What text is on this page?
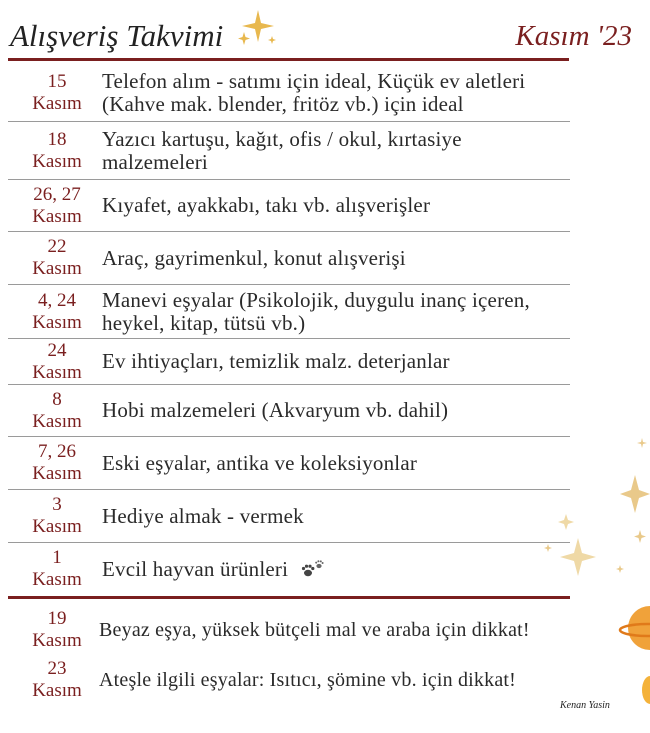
Alışveriş Takvimi	Kasım '23
15
Kasım
Telefon alım - satımı için ideal, Küçük ev aletleri (Kahve mak. blender, fritöz vb.) için ideal
18
Kasım
Yazıcı kartuşu, kağıt, ofis / okul, kırtasiye malzemeleri
26, 27
Kasım Kıyafet, ayakkabı, takı vb. alışverişler
22
Kasım Araç, gayrimenkul, konut alışverişi
4, 24
Kasım
Manevi eşyalar (Psikolojik, duygulu inanç içeren, heykel, kitap, tütsü vb.)
24
Kasım Ev ihtiyaçları, temizlik malz. deterjanlar
8
Kasım Hobi malzemeleri (Akvaryum vb. dahil)
7, 26
Kasım Eski eşyalar, antika ve koleksiyonlar
3
Kasım Hediye almak - vermek
1
Kasım Evcil hayvan ürünleri
19
Kasım Beyaz eşya, yüksek bütçeli mal ve araba için dikkat!
23
Kasım Ateşle ilgili eşyalar: Isıtıcı, şömine vb. için dikkat!
Kenan Yasin
